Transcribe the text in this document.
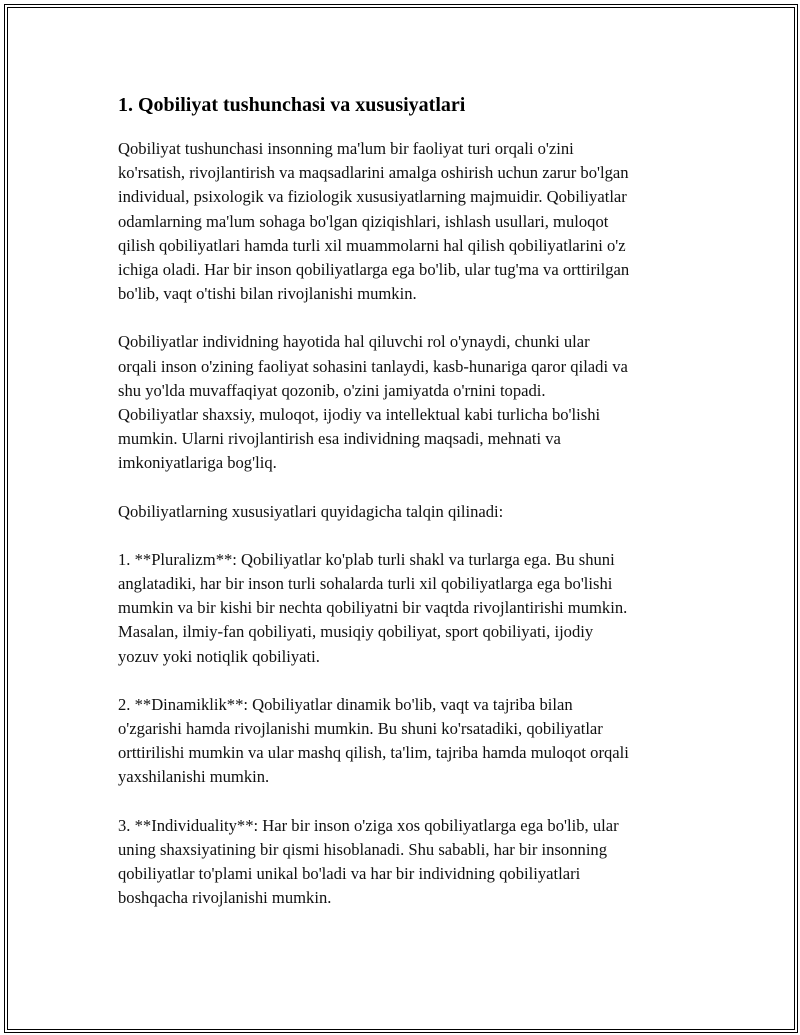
1. Qobiliyat tushunchasi va xususiyatlari

Qobiliyat tushunchasi insonning ma'lum bir faoliyat turi orqali o'zini
ko'rsatish, rivojlantirish va maqsadlarini amalga oshirish uchun zarur bo'lgan
individual, psixologik va fiziologik xususiyatlarning majmuidir. Qobiliyatlar
odamlarning ma'lum sohaga bo'lgan qiziqishlari, ishlash usullari, muloqot
qilish qobiliyatlari hamda turli xil muammolarni hal qilish qobiliyatlarini o'z
ichiga oladi. Har bir inson qobiliyatlarga ega bo'lib, ular tug'ma va orttirilgan
bo'lib, vaqt o'tishi bilan rivojlanishi mumkin.

Qobiliyatlar individning hayotida hal qiluvchi rol o'ynaydi, chunki ular
orqali inson o'zining faoliyat sohasini tanlaydi, kasb-hunariga qaror qiladi va
shu yo'lda muvaffaqiyat qozonib, o'zini jamiyatda o'rnini topadi.
Qobiliyatlar shaxsiy, muloqot, ijodiy va intellektual kabi turlicha bo'lishi
mumkin. Ularni rivojlantirish esa individning maqsadi, mehnati va
imkoniyatlariga bog'liq.

Qobiliyatlarning xususiyatlari quyidagicha talqin qilinadi:

1. **Pluralizm**: Qobiliyatlar ko'plab turli shakl va turlarga ega. Bu shuni
anglatadiki, har bir inson turli sohalarda turli xil qobiliyatlarga ega bo'lishi
mumkin va bir kishi bir nechta qobiliyatni bir vaqtda rivojlantirishi mumkin.
Masalan, ilmiy-fan qobiliyati, musiqiy qobiliyat, sport qobiliyati, ijodiy
yozuv yoki notiqlik qobiliyati.

2. **Dinamiklik**: Qobiliyatlar dinamik bo'lib, vaqt va tajriba bilan
o'zgarishi hamda rivojlanishi mumkin. Bu shuni ko'rsatadiki, qobiliyatlar
orttirilishi mumkin va ular mashq qilish, ta'lim, tajriba hamda muloqot orqali
yaxshilanishi mumkin.

3. **Individuality**: Har bir inson o'ziga xos qobiliyatlarga ega bo'lib, ular
uning shaxsiyatining bir qismi hisoblanadi. Shu sababli, har bir insonning
qobiliyatlar to'plami unikal bo'ladi va har bir individning qobiliyatlari
boshqacha rivojlanishi mumkin.
